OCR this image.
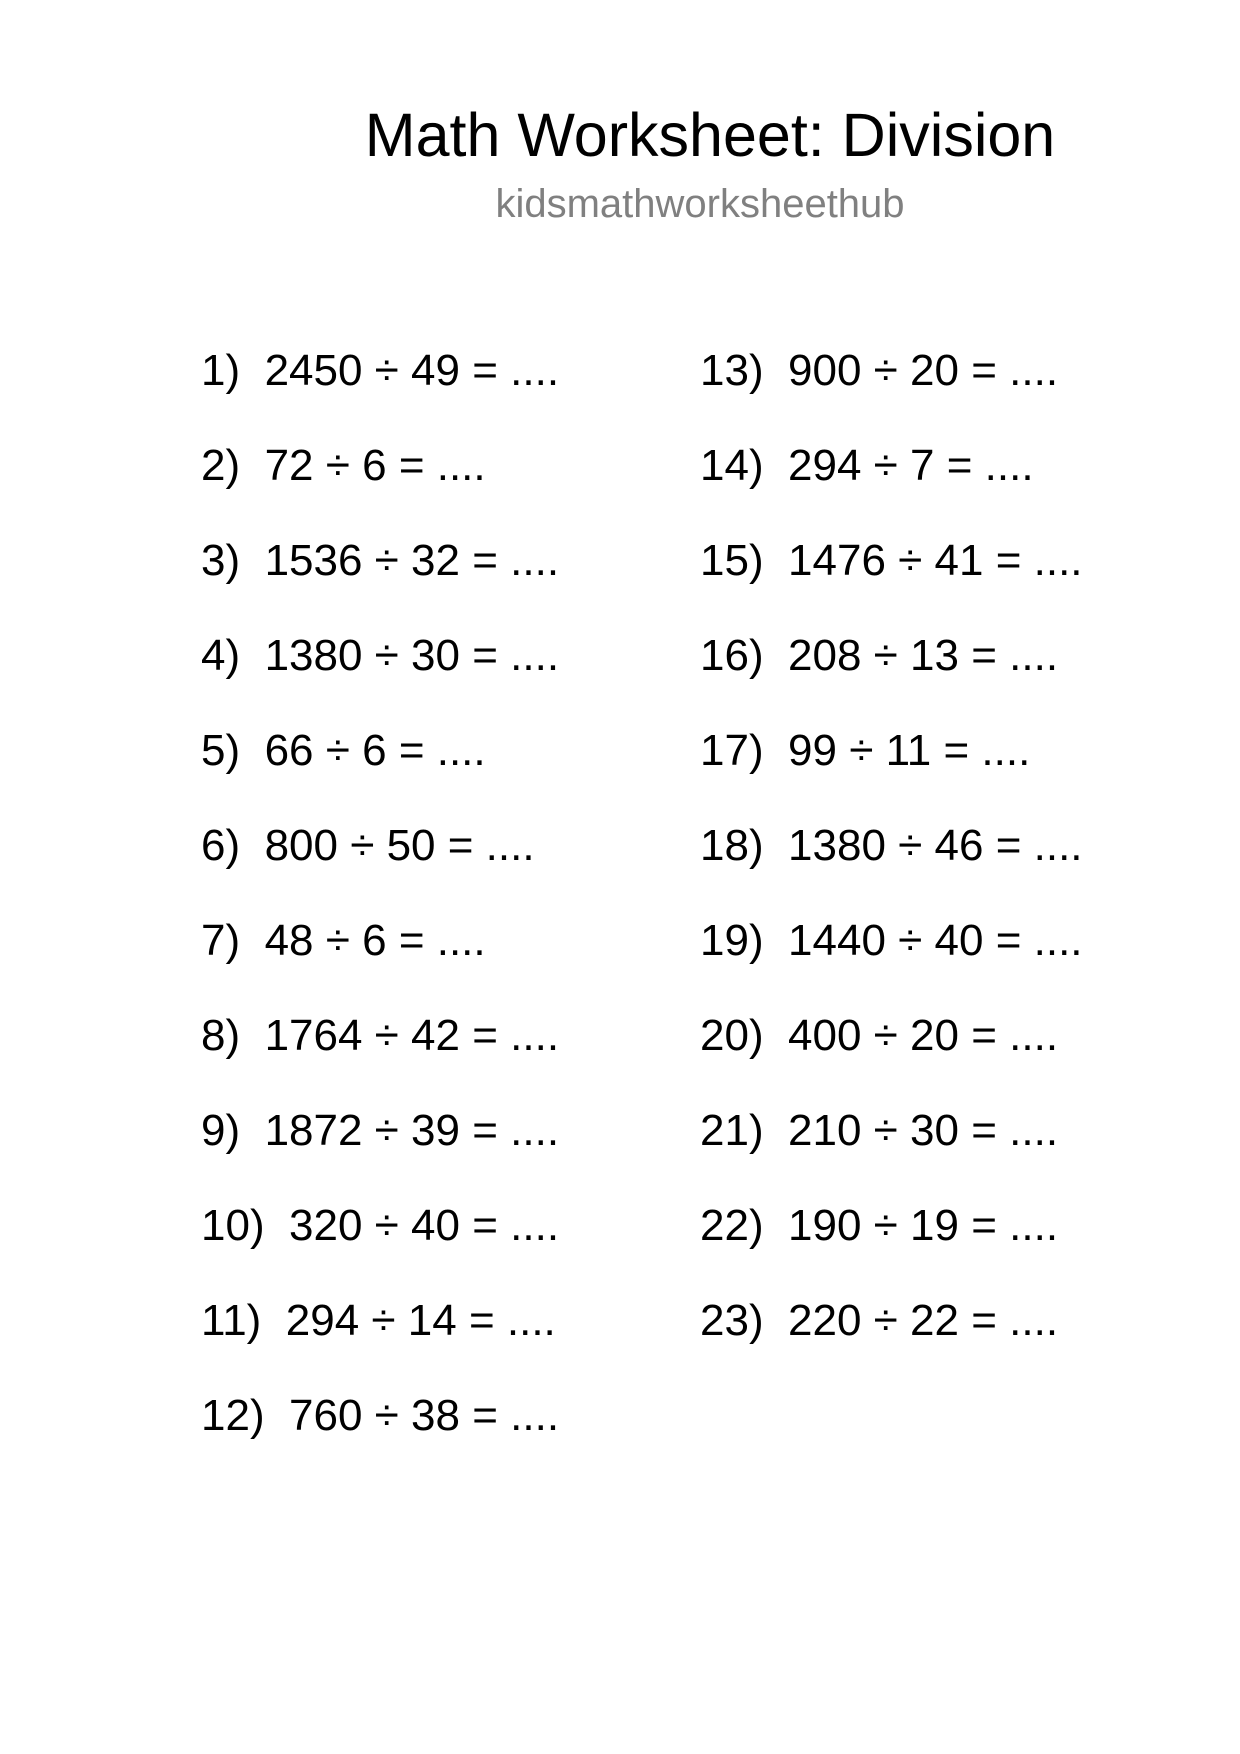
Math Worksheet: Division
kidsmathworksheethub
1) 2450 ÷ 49 = ....
2) 72 ÷ 6 = ....
3) 1536 ÷ 32 = ....
4) 1380 ÷ 30 = ....
5) 66 ÷ 6 = ....
6) 800 ÷ 50 = ....
7) 48 ÷ 6 = ....
8) 1764 ÷ 42 = ....
9) 1872 ÷ 39 = ....
10) 320 ÷ 40 = ....
11) 294 ÷ 14 = ....
12) 760 ÷ 38 = ....
13) 900 ÷ 20 = ....
14) 294 ÷ 7 = ....
15) 1476 ÷ 41 = ....
16) 208 ÷ 13 = ....
17) 99 ÷ 11 = ....
18) 1380 ÷ 46 = ....
19) 1440 ÷ 40 = ....
20) 400 ÷ 20 = ....
21) 210 ÷ 30 = ....
22) 190 ÷ 19 = ....
23) 220 ÷ 22 = ....
